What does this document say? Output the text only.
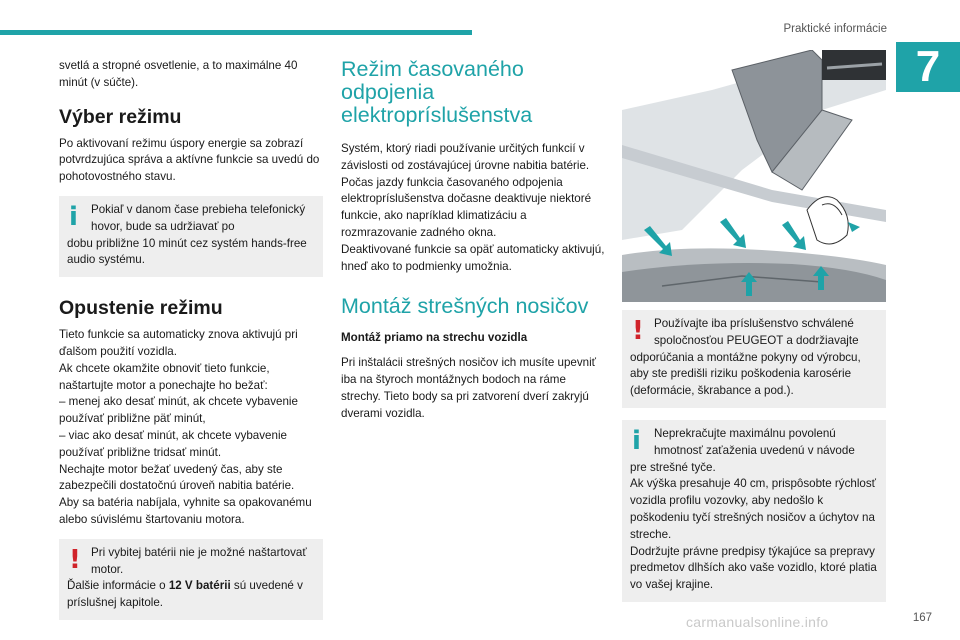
Praktické informácie
7
svetlá a stropné osvetlenie, a to maximálne 40 minút (v súčte).
Výber režimu
Po aktivovaní režimu úspory energie sa zobrazí potvrdzujúca správa a aktívne funkcie sa uvedú do pohotovostného stavu.
i	Pokiaľ v danom čase prebieha telefonický hovor, bude sa udržiavať po
dobu približne 10 minút cez systém hands-free audio systému.
Opustenie režimu
Tieto funkcie sa automaticky znova aktivujú pri ďalšom použití vozidla.
Ak chcete okamžite obnoviť tieto funkcie, naštartujte motor a ponechajte ho bežať:
– menej ako desať minút, ak chcete vybavenie používať približne päť minút,
– viac ako desať minút, ak chcete vybavenie používať približne tridsať minút.
Nechajte motor bežať uvedený čas, aby ste zabezpečili dostatočnú úroveň nabitia batérie.
Aby sa batéria nabíjala, vyhnite sa opakovanému alebo súvislému štartovaniu motora.
! Pri vybitej batérii nie je možné naštartovať motor.
Ďalšie informácie o 12 V batérii sú uvedené v príslušnej kapitole.
Režim časovaného odpojenia elektropríslušenstva
Systém, ktorý riadi používanie určitých funkcií v závislosti od zostávajúcej úrovne nabitia batérie.
Počas jazdy funkcia časovaného odpojenia elektropríslušenstva dočasne deaktivuje niektoré funkcie, ako napríklad klimatizáciu a rozmrazovanie zadného okna.
Deaktivované funkcie sa opäť automaticky aktivujú, hneď ako to podmienky umožnia.
Montáž strešných nosičov
Montáž priamo na strechu vozidla
Pri inštalácii strešných nosičov ich musíte upevniť iba na štyroch montážnych bodoch na ráme strechy. Tieto body sa pri zatvorení dverí zakryjú dverami vozidla.
! Používajte iba príslušenstvo schválené spoločnosťou PEUGEOT a dodržiavajte
odporúčania a montážne pokyny od výrobcu, aby ste predišli riziku poškodenia karosérie (deformácie, škrabance a pod.).
i	Neprekračujte maximálnu povolenú hmotnosť zaťaženia uvedenú v návode
pre strešné tyče.
Ak výška presahuje 40 cm, prispôsobte rýchlosť vozidla profilu vozovky, aby nedošlo k poškodeniu tyčí strešných nosičov a úchytov na streche.
Dodržujte právne predpisy týkajúce sa prepravy predmetov dlhších ako vaše vozidlo, ktoré platia vo vašej krajine.
carmanualsonline.info	167
